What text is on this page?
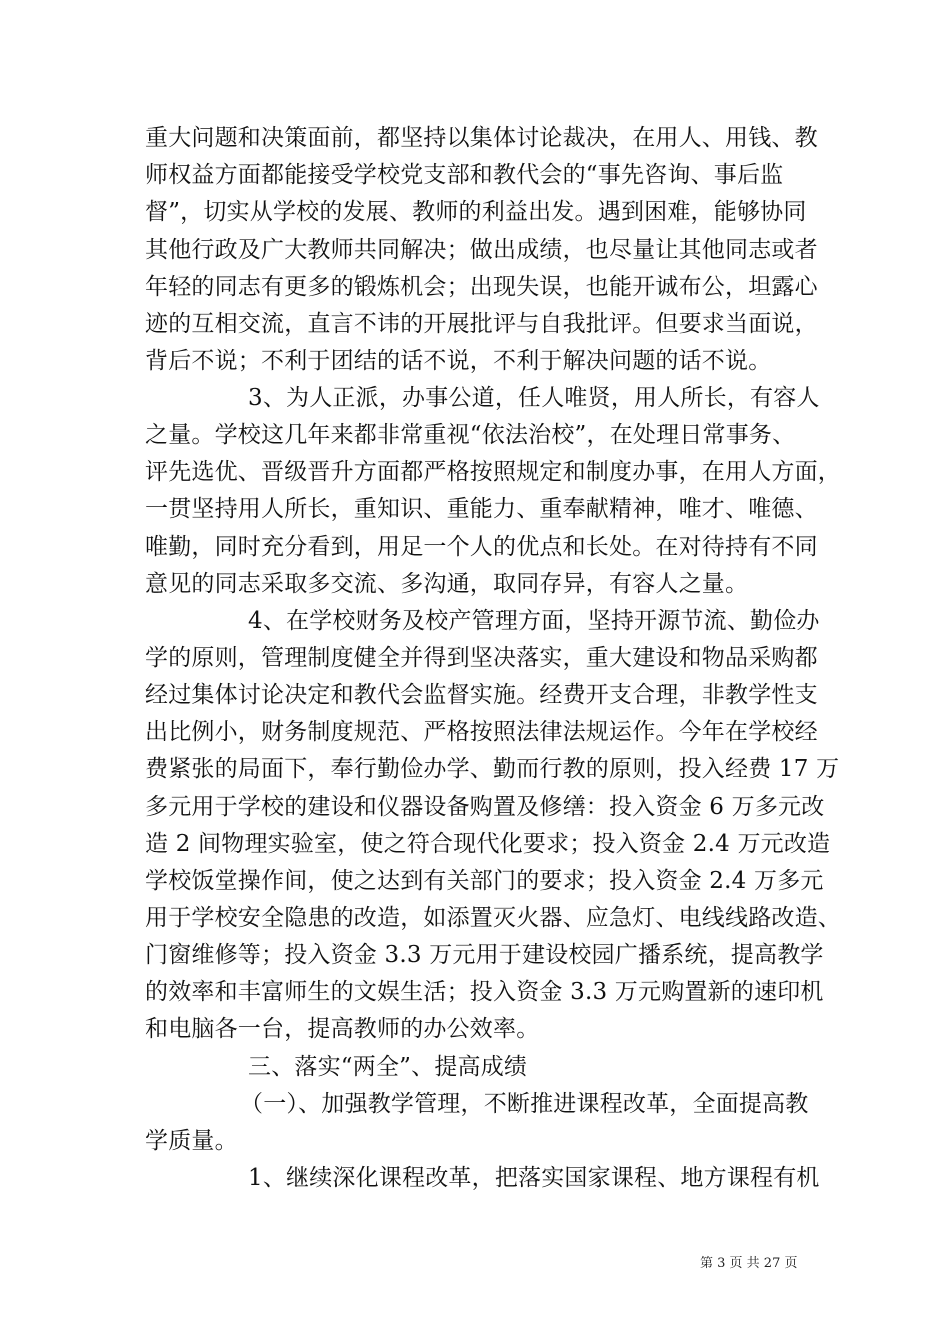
重大问题和决策面前，都坚持以集体讨论裁决，在用人、用钱、教
师权益方面都能接受学校党支部和教代会的“事先咨询、事后监
督”，切实从学校的发展、教师的利益出发。遇到困难，能够协同
其他行政及广大教师共同解决；做出成绩，也尽量让其他同志或者
年轻的同志有更多的锻炼机会；出现失误，也能开诚布公，坦露心
迹的互相交流，直言不讳的开展批评与自我批评。但要求当面说，
背后不说；不利于团结的话不说，不利于解决问题的话不说。
3、为人正派，办事公道，任人唯贤，用人所长，有容人
之量。学校这几年来都非常重视“依法治校”，在处理日常事务、
评先选优、晋级晋升方面都严格按照规定和制度办事，在用人方面，
一贯坚持用人所长，重知识、重能力、重奉献精神，唯才、唯德、
唯勤，同时充分看到，用足一个人的优点和长处。在对待持有不同
意见的同志采取多交流、多沟通，取同存异，有容人之量。
4、在学校财务及校产管理方面，坚持开源节流、勤俭办
学的原则，管理制度健全并得到坚决落实，重大建设和物品采购都
经过集体讨论决定和教代会监督实施。经费开支合理，非教学性支
出比例小，财务制度规范、严格按照法律法规运作。今年在学校经
费紧张的局面下，奉行勤俭办学、勤而行教的原则，投入经费 17 万
多元用于学校的建设和仪器设备购置及修缮：投入资金 6 万多元改
造 2 间物理实验室，使之符合现代化要求；投入资金 2.4 万元改造
学校饭堂操作间，使之达到有关部门的要求；投入资金 2.4 万多元
用于学校安全隐患的改造，如添置灭火器、应急灯、电线线路改造、
门窗维修等；投入资金 3.3 万元用于建设校园广播系统，提高教学
的效率和丰富师生的文娱生活；投入资金 3.3 万元购置新的速印机
和电脑各一台，提高教师的办公效率。
三、落实“两全”、提高成绩
（一）、加强教学管理，不断推进课程改革，全面提高教
学质量。
1、继续深化课程改革，把落实国家课程、地方课程有机
第 3 页 共 27 页
